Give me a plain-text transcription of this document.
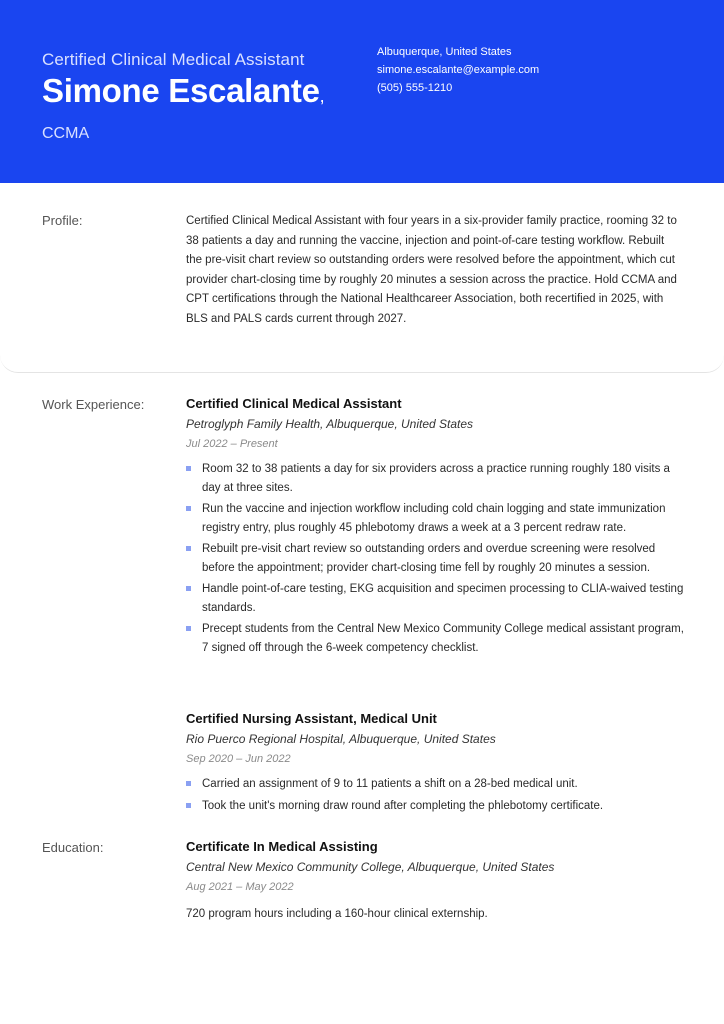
Certified Clinical Medical Assistant
Simone Escalante,
CCMA
Albuquerque, United States
simone.escalante@example.com
(505) 555-1210
Profile:	Certified Clinical Medical Assistant with four years in a six-provider family practice, rooming 32 to 38 patients a day and running the vaccine, injection and point-of-care testing workflow. Rebuilt the pre-visit chart review so outstanding orders were resolved before the appointment, which cut provider chart-closing time by roughly 20 minutes a session across the practice. Hold CCMA and CPT certifications through the National Healthcareer Association, both recertified in 2025, with BLS and PALS cards current through 2027.
Work Experience:	Certified Clinical Medical Assistant
Petroglyph Family Health, Albuquerque, United States
Jul 2022 – Present
Room 32 to 38 patients a day for six providers across a practice running roughly 180 visits a day at three sites.
Run the vaccine and injection workflow including cold chain logging and state immunization registry entry, plus roughly 45 phlebotomy draws a week at a 3 percent redraw rate.
Rebuilt pre-visit chart review so outstanding orders and overdue screening were resolved before the appointment; provider chart-closing time fell by roughly 20 minutes a session.
Handle point-of-care testing, EKG acquisition and specimen processing to CLIA-waived testing standards.
Precept students from the Central New Mexico Community College medical assistant program, 7 signed off through the 6-week competency checklist.
Certified Nursing Assistant, Medical Unit
Rio Puerco Regional Hospital, Albuquerque, United States
Sep 2020 – Jun 2022
Carried an assignment of 9 to 11 patients a shift on a 28-bed medical unit.
Took the unit's morning draw round after completing the phlebotomy certificate.
Education:	Certificate In Medical Assisting
Central New Mexico Community College, Albuquerque, United States
Aug 2021 – May 2022
720 program hours including a 160-hour clinical externship.
